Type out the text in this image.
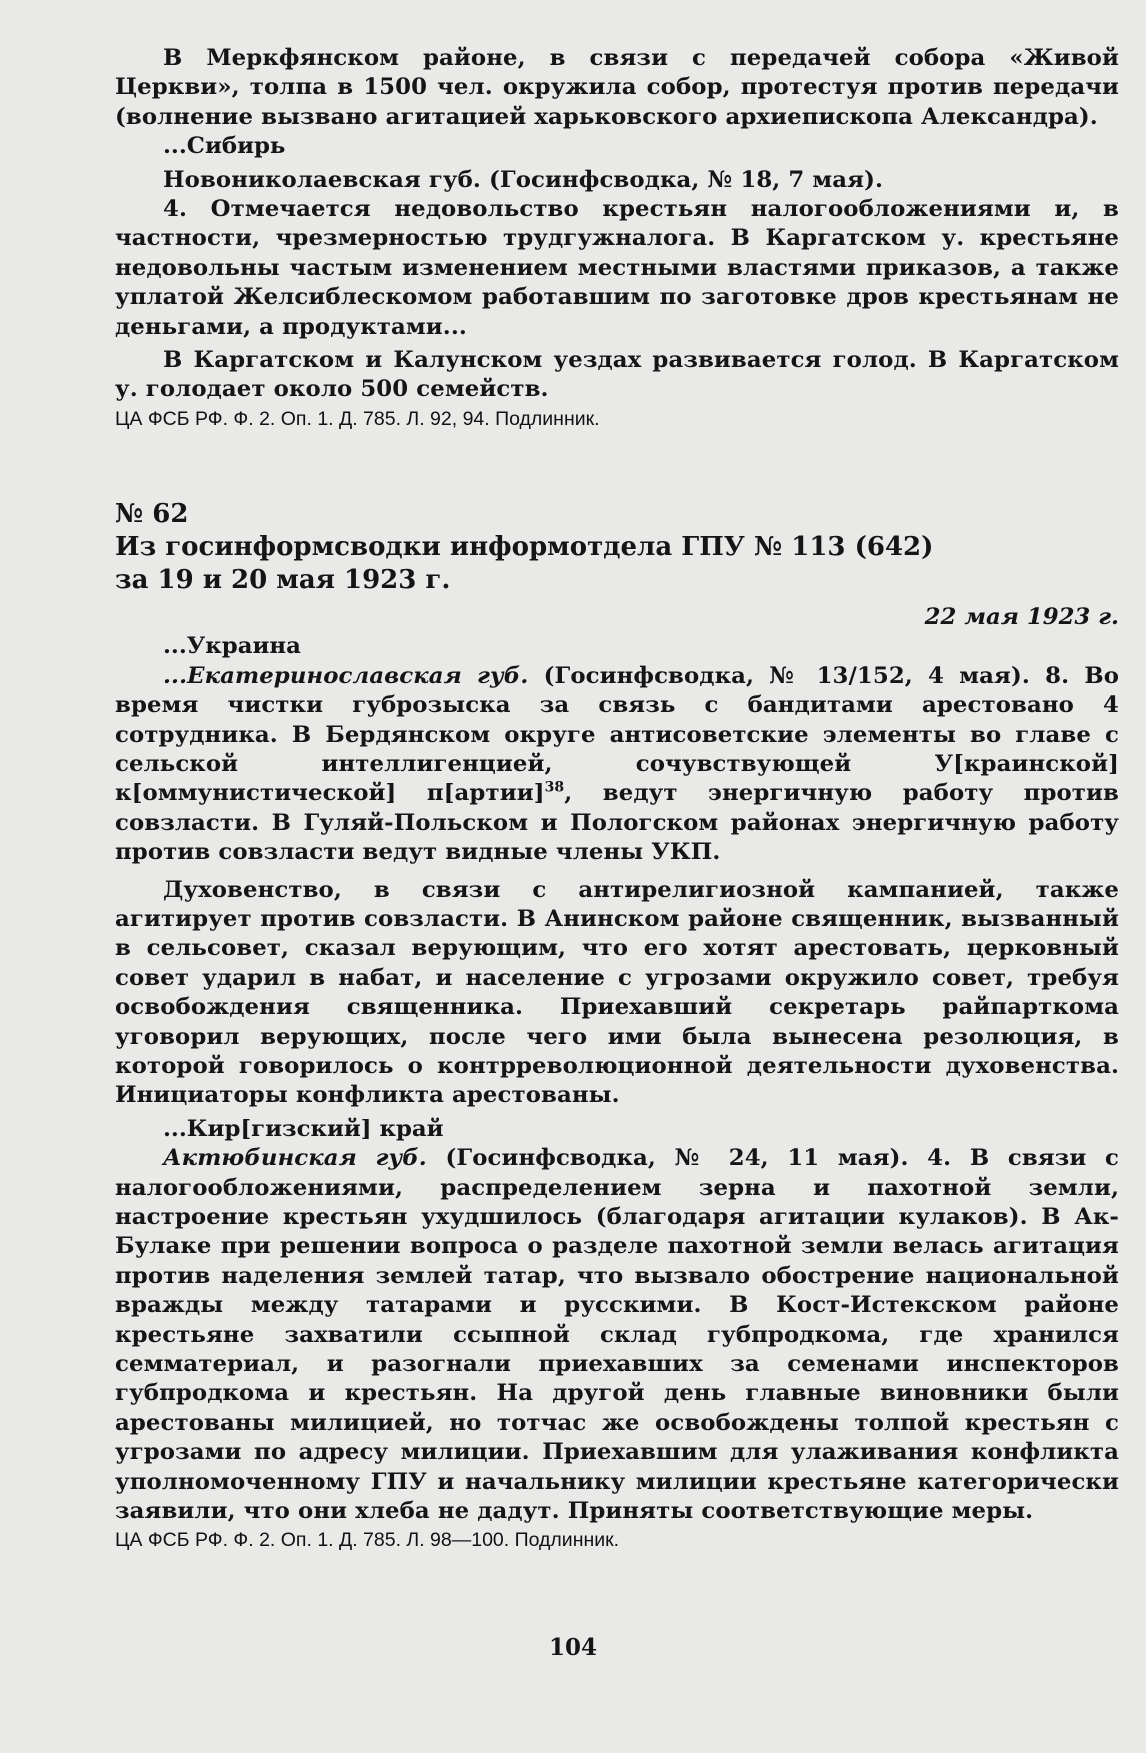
В Меркфянском районе, в связи с передачей собора «Живой Церкви», толпа в 1500 чел. окружила собор, протестуя против передачи (волнение вызвано агитацией харьковского архиепископа Александра).

...Сибирь

Новониколаевская губ. (Госинфсводка, № 18, 7 мая).

4. Отмечается недовольство крестьян налогообложениями и, в частности, чрезмерностью трудгужналога. В Каргатском у. крестьяне недовольны частым изменением местными властями приказов, а также уплатой Желсиблескомом работавшим по заготовке дров крестьянам не деньгами, а продуктами...

В Каргатском и Калунском уездах развивается голод. В Каргатском у. голодает около 500 семейств.

ЦА ФСБ РФ. Ф. 2. Оп. 1. Д. 785. Л. 92, 94. Подлинник.
№ 62
Из госинформсводки информотдела ГПУ № 113 (642)
за 19 и 20 мая 1923 г.
22 мая 1923 г.
...Украина

...Екатеринославская губ. (Госинфсводка, № 13/152, 4 мая). 8. Во время чистки губрозыска за связь с бандитами арестовано 4 сотрудника. В Бердянском округе антисоветские элементы во главе с сельской интеллигенцией, сочувствующей У[краинской] к[оммунистической] п[артии]$^{38}$, ведут энергичную работу против совзласти. В Гуляй-Польском и Пологском районах энергичную работу против совзласти ведут видные члены УКП.

Духовенство, в связи с антирелигиозной кампанией, также агитирует против совзласти. В Анинском районе священник, вызванный в сельсовет, сказал верующим, что его хотят арестовать, церковный совет ударил в набат, и население с угрозами окружило совет, требуя освобождения священника. Приехавший секретарь райпарткома уговорил верующих, после чего ими была вынесена резолюция, в которой говорилось о контрреволюционной деятельности духовенства. Инициаторы конфликта арестованы.

...Кир[гизский] край

Актюбинская губ. (Госинфсводка, № 24, 11 мая). 4. В связи с налогообложениями, распределением зерна и пахотной земли, настроение крестьян ухудшилось (благодаря агитации кулаков). В Ак-Булаке при решении вопроса о разделе пахотной земли велась агитация против наделения землей татар, что вызвало обострение национальной вражды между татарами и русскими. В Кост-Истекском районе крестьяне захватили ссыпной склад губпродкома, где хранился семматериал, и разогнали приехавших за семенами инспекторов губпродкома и крестьян. На другой день главные виновники были арестованы милицией, но тотчас же освобождены толпой крестьян с угрозами по адресу милиции. Приехавшим для улаживания конфликта уполномоченному ГПУ и начальнику милиции крестьяне категорически заявили, что они хлеба не дадут. Приняты соответствующие меры.

ЦА ФСБ РФ. Ф. 2. Оп. 1. Д. 785. Л. 98—100. Подлинник.
104
